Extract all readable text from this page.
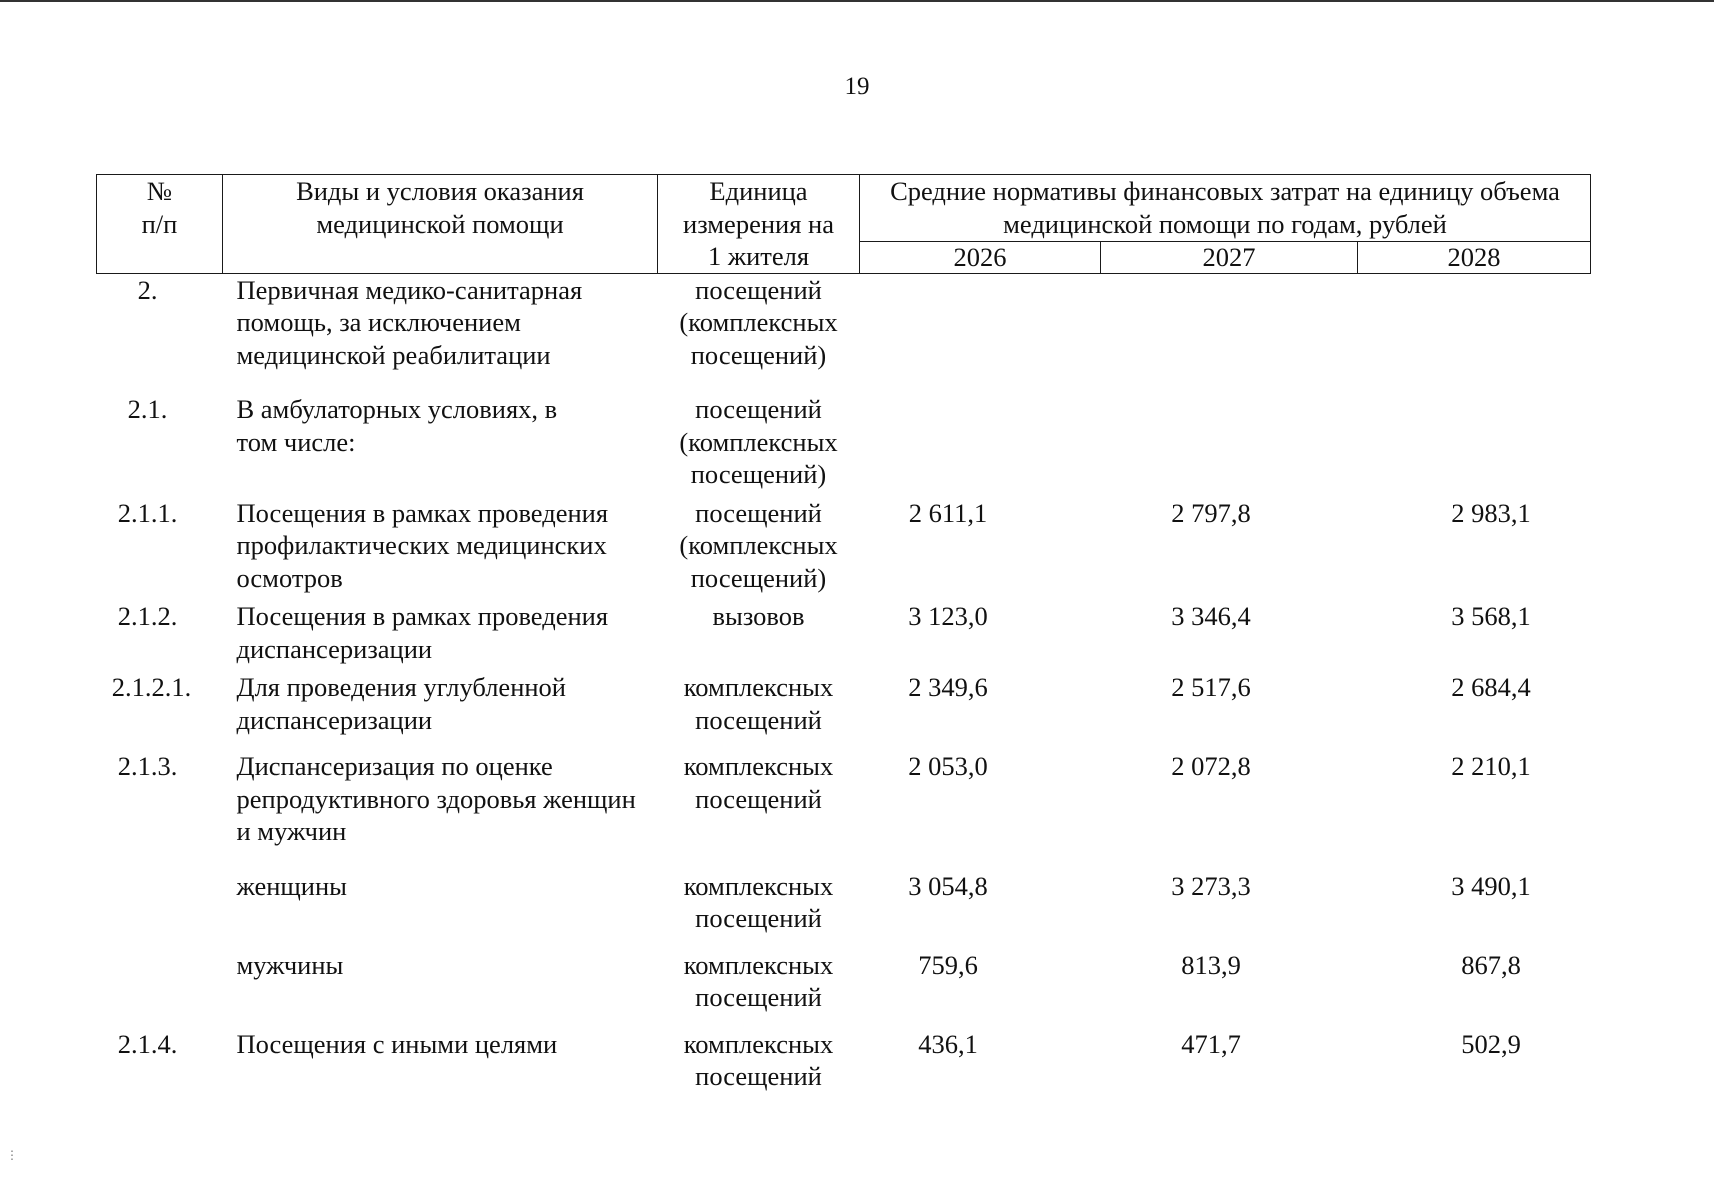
19
№ п/п	Виды и условия оказания медицинской помощи	Единица измерения на 1 жителя	Средние нормативы финансовых затрат на единицу объема медицинской помощи по годам, рублей		
			2026	2027	2028
2.	Первичная медико-санитарная помощь, за исключением медицинской реабилитации	посещений (комплексных посещений)			
2.1.	В амбулаторных условиях, в том числе:	посещений (комплексных посещений)			
2.1.1.	Посещения в рамках проведения профилактических медицинских осмотров	посещений (комплексных посещений)	2 611,1	2 797,8	2 983,1
2.1.2.	Посещения в рамках проведения диспансеризации	вызовов	3 123,0	3 346,4	3 568,1
2.1.2.1.	Для проведения углубленной диспансеризации	комплексных посещений	2 349,6	2 517,6	2 684,4
2.1.3.	Диспансеризация по оценке репродуктивного здоровья женщин и мужчин	комплексных посещений	2 053,0	2 072,8	2 210,1
	женщины	комплексных посещений	3 054,8	3 273,3	3 490,1
	мужчины	комплексных посещений	759,6	813,9	867,8
2.1.4.	Посещения с иными целями	комплексных посещений	436,1	471,7	502,9
⋮
